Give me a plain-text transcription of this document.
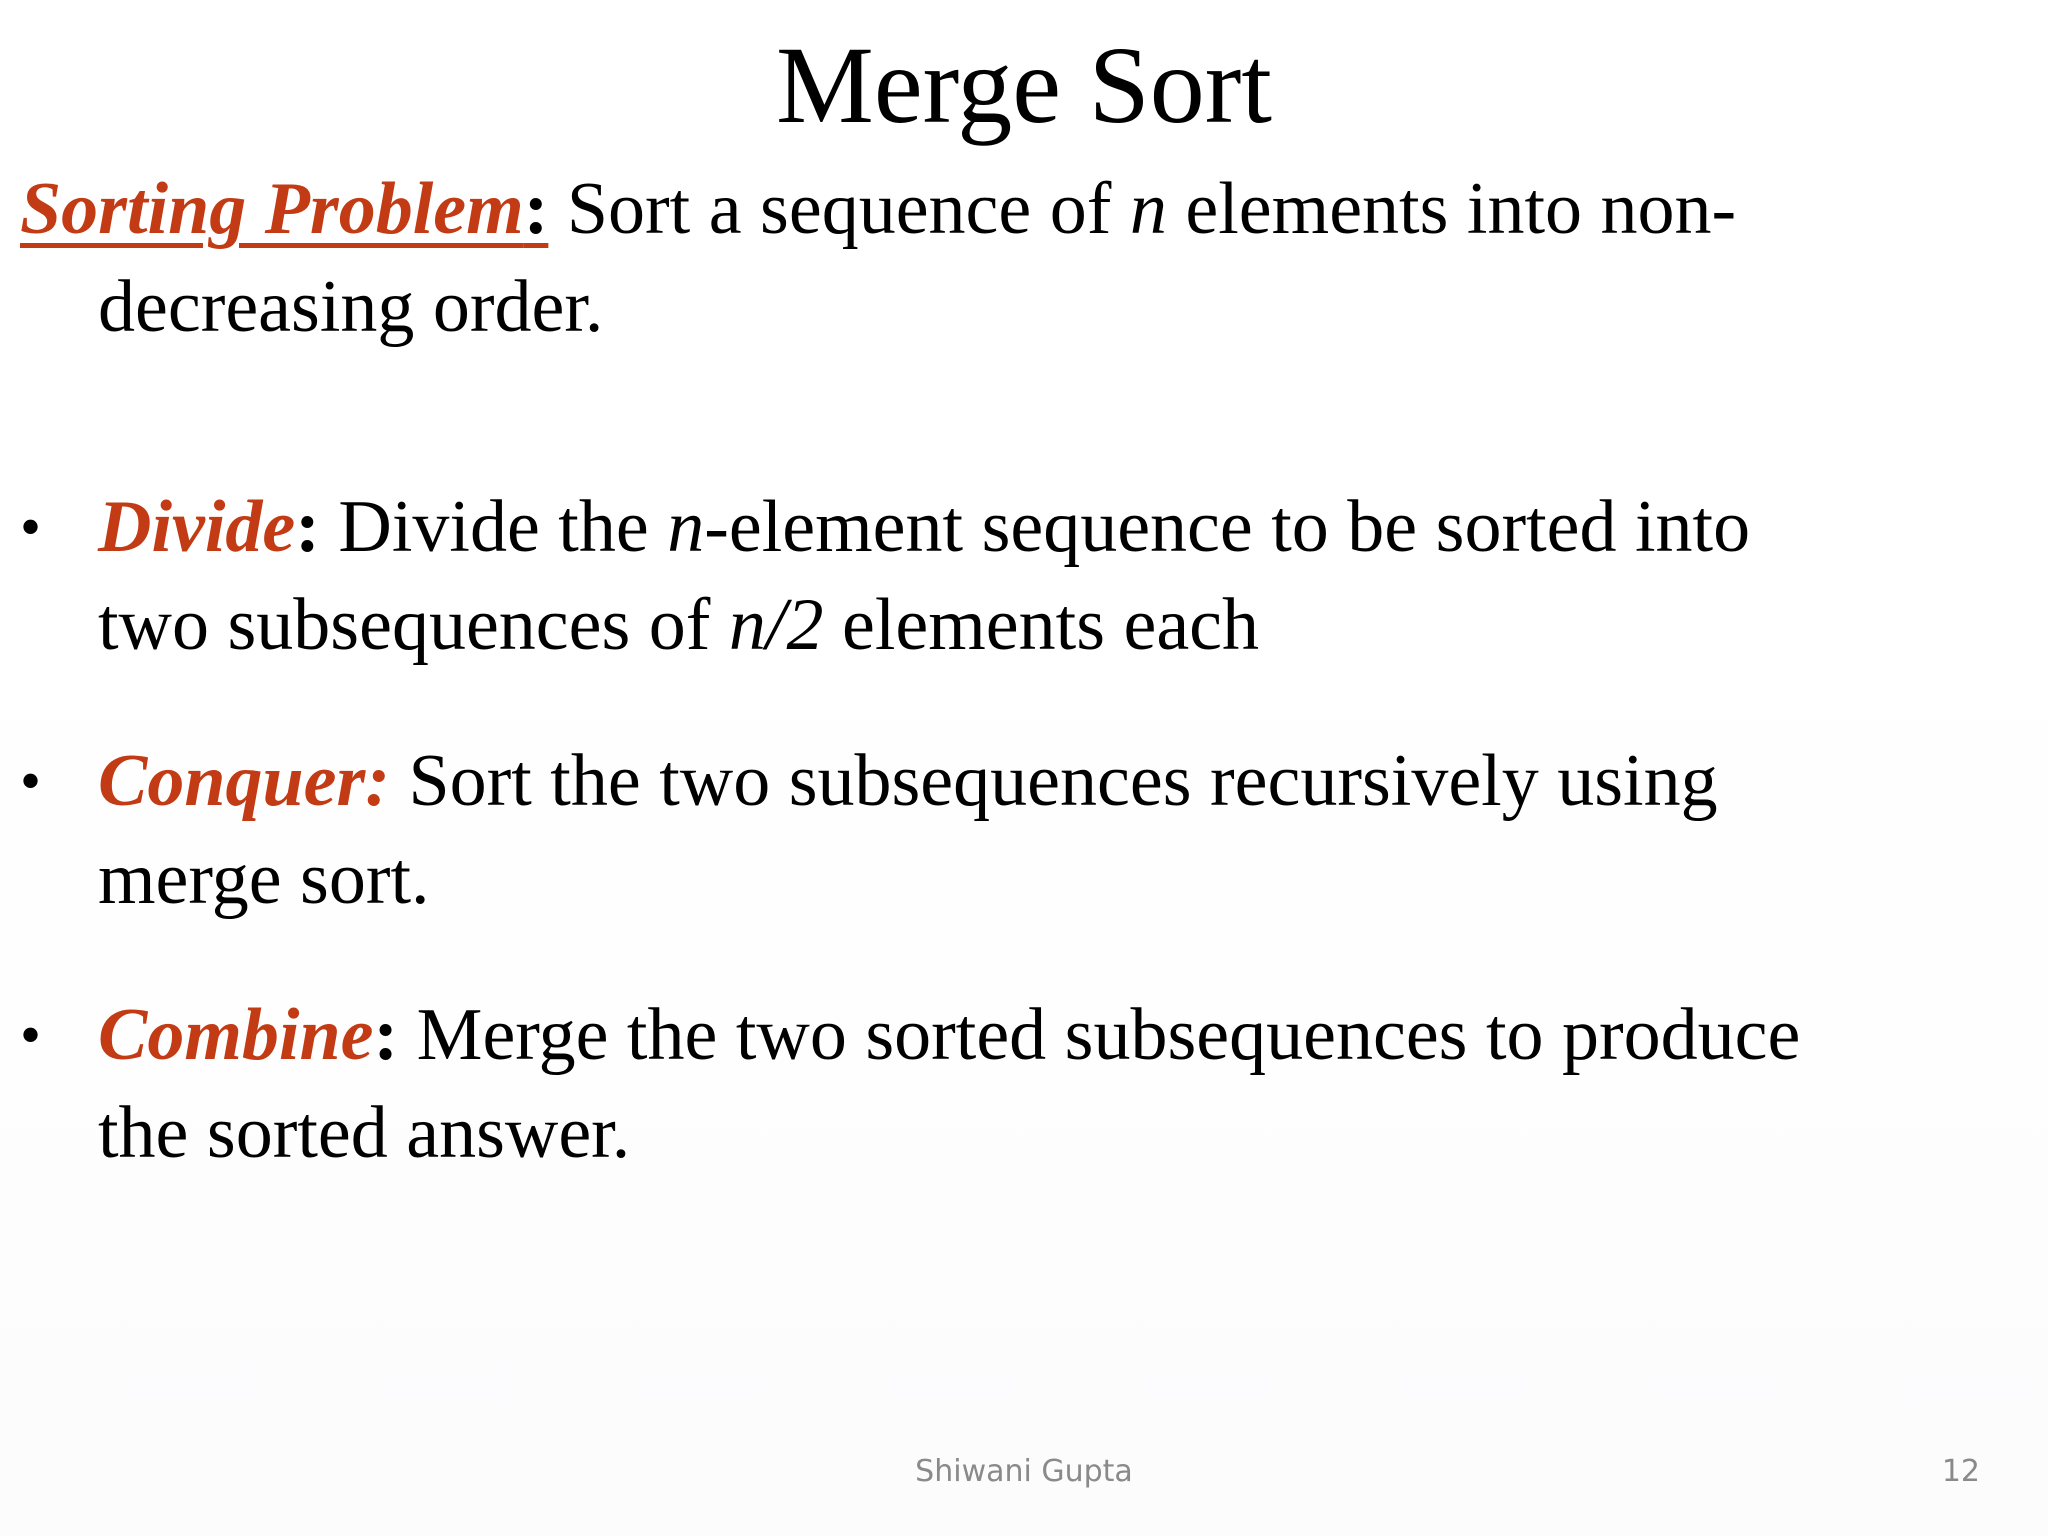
Merge Sort
Sorting Problem: Sort a sequence of n elements into non-
decreasing order.
• Divide: Divide the n-element sequence to be sorted into
two subsequences of n/2 elements each
• Conquer: Sort the two subsequences recursively using
merge sort.
• Combine: Merge the two sorted subsequences to produce
the sorted answer.
Shiwani Gupta	12
